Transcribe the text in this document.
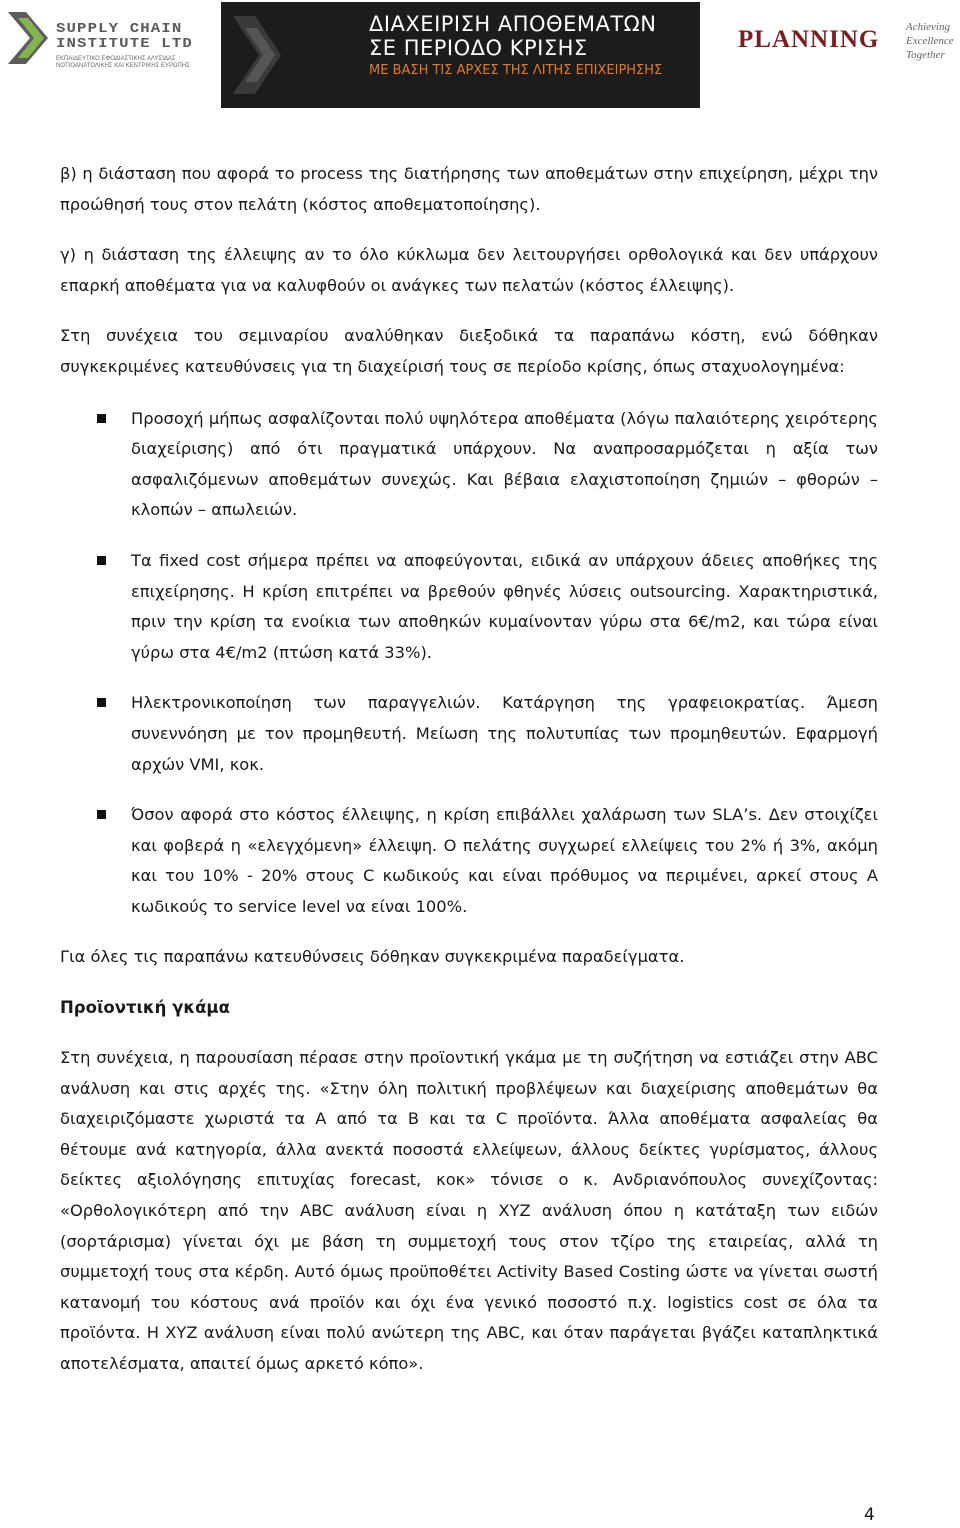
SUPPLY CHAIN
INSTITUTE LTD
ΕΚΠΑΙΔΕΥΤΙΚΟ ΕΦΟΔΙΑΣΤΙΚΗΣ ΑΛΥΣΙΔΑΣ
ΝΟΤΙΟΑΝΑΤΟΛΙΚΗΣ ΚΑΙ ΚΕΝΤΡΙΚΗΣ ΕΥΡΩΠΗΣ
ΔΙΑΧΕΙΡΙΣΗ ΑΠΟΘΕΜΑΤΩΝ
ΣΕ ΠΕΡΙΟΔΟ ΚΡΙΣΗΣ
ΜΕ ΒΑΣΗ ΤΙΣ ΑΡΧΕΣ ΤΗΣ ΛΙΤΗΣ ΕΠΙΧΕΙΡΗΣΗΣ
PLANNING Achieving
Excellence
Together

β) η διάσταση που αφορά το process της διατήρησης των αποθεμάτων στην επιχείρηση, μέχρι την προώθησή τους στον πελάτη (κόστος αποθεματοποίησης).

γ) η διάσταση της έλλειψης αν το όλο κύκλωμα δεν λειτουργήσει ορθολογικά και δεν υπάρχουν επαρκή αποθέματα για να καλυφθούν οι ανάγκες των πελατών (κόστος έλλειψης).

Στη συνέχεια του σεμιναρίου αναλύθηκαν διεξοδικά τα παραπάνω κόστη, ενώ δόθηκαν συγκεκριμένες κατευθύνσεις για τη διαχείρισή τους σε περίοδο κρίσης, όπως σταχυολογημένα:

Προσοχή μήπως ασφαλίζονται πολύ υψηλότερα αποθέματα (λόγω παλαιότερης χειρότερης διαχείρισης) από ότι πραγματικά υπάρχουν. Να αναπροσαρμόζεται η αξία των ασφαλιζόμενων αποθεμάτων συνεχώς. Και βέβαια ελαχιστοποίηση ζημιών – φθορών – κλοπών – απωλειών.

Τα fixed cost σήμερα πρέπει να αποφεύγονται, ειδικά αν υπάρχουν άδειες αποθήκες της επιχείρησης. Η κρίση επιτρέπει να βρεθούν φθηνές λύσεις outsourcing. Χαρακτηριστικά, πριν την κρίση τα ενοίκια των αποθηκών κυμαίνονταν γύρω στα 6€/m2, και τώρα είναι γύρω στα 4€/m2 (πτώση κατά 33%).

Ηλεκτρονικοποίηση των παραγγελιών. Κατάργηση της γραφειοκρατίας. Άμεση συνεννόηση με τον προμηθευτή. Μείωση της πολυτυπίας των προμηθευτών. Εφαρμογή αρχών VMI, κοκ.

Όσον αφορά στο κόστος έλλειψης, η κρίση επιβάλλει χαλάρωση των SLA’s. Δεν στοιχίζει και φοβερά η «ελεγχόμενη» έλλειψη. Ο πελάτης συγχωρεί ελλείψεις του 2% ή 3%, ακόμη και του 10% - 20% στους C κωδικούς και είναι πρόθυμος να περιμένει, αρκεί στους A κωδικούς το service level να είναι 100%.

Για όλες τις παραπάνω κατευθύνσεις δόθηκαν συγκεκριμένα παραδείγματα.

Προϊοντική γκάμα

Στη συνέχεια, η παρουσίαση πέρασε στην προϊοντική γκάμα με τη συζήτηση να εστιάζει στην ABC ανάλυση και στις αρχές της. «Στην όλη πολιτική προβλέψεων και διαχείρισης αποθεμάτων θα διαχειριζόμαστε χωριστά τα Α από τα Β και τα C προϊόντα. Άλλα αποθέματα ασφαλείας θα θέτουμε ανά κατηγορία, άλλα ανεκτά ποσοστά ελλείψεων, άλλους δείκτες γυρίσματος, άλλους δείκτες αξιολόγησης επιτυχίας forecast, κοκ» τόνισε ο κ. Ανδριανόπουλος συνεχίζοντας: «Ορθολογικότερη από την ABC ανάλυση είναι η XYZ ανάλυση όπου η κατάταξη των ειδών (σορτάρισμα) γίνεται όχι με βάση τη συμμετοχή τους στον τζίρο της εταιρείας, αλλά τη συμμετοχή τους στα κέρδη. Αυτό όμως προϋποθέτει Activity Based Costing ώστε να γίνεται σωστή κατανομή του κόστους ανά προϊόν και όχι ένα γενικό ποσοστό π.χ. logistics cost σε όλα τα προϊόντα. Η XYZ ανάλυση είναι πολύ ανώτερη της ABC, και όταν παράγεται βγάζει καταπληκτικά αποτελέσματα, απαιτεί όμως αρκετό κόπο».

4
